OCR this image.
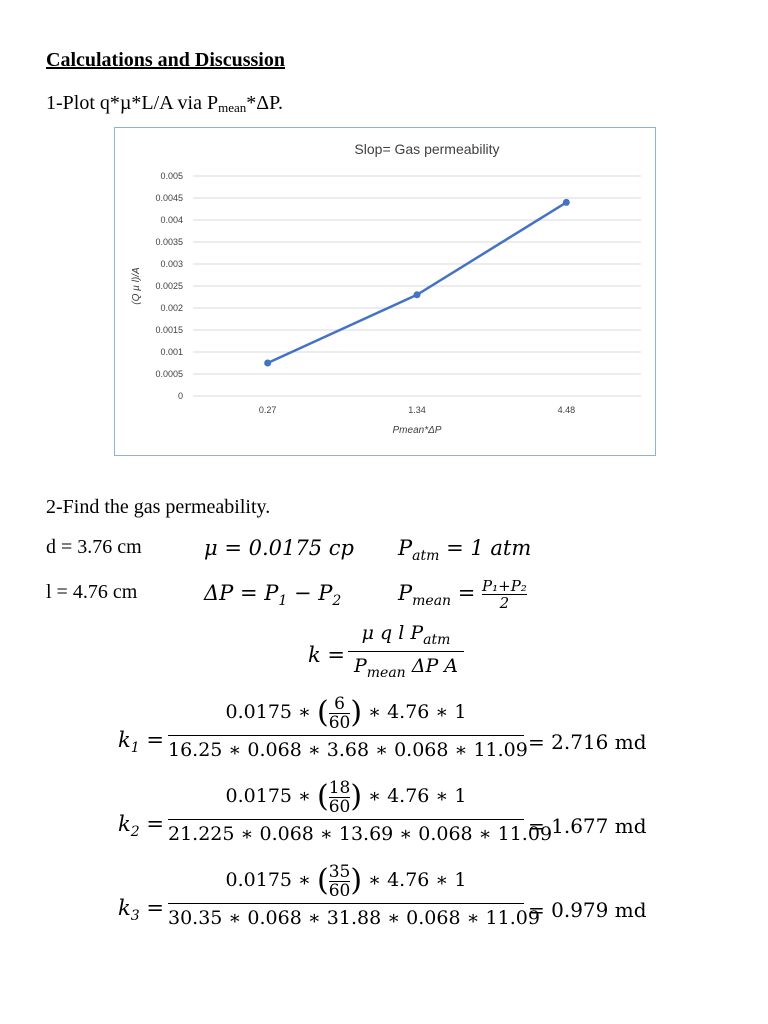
Calculations and Discussion
1-Plot q*µ*L/A via $P_{mean}*\Delta P$.
Slop= Gas permeability
0
0.0005
0.001
0.0015
0.002
0.0025
0.003
0.0035
0.004
0.0045
0.005
0.27	1.34	4.48
Pmean*ΔP
(Q µ l)/A
2-Find the gas permeability.
d = 3.76 cm	μ = 0.0175 cp $P_{atm} = 1$ atm
l = 4.76 cm	$\Delta P = P_1 - P_2$	$P_{mean} = \frac{\text{P₁+P₂}}{2}$
k =
μ q l $P_{atm}$
$P_{mean}$ ΔP A
$k_1$ =
0.0175 ∗ $(\frac{6}{60})$ ∗ 4.76 ∗ 1
16.25 ∗ 0.068 ∗ 3.68 ∗ 0.068 ∗ 11.09 = 2.716 md
$k_2$ =
0.0175 ∗ $(\frac{18}{60})$ ∗ 4.76 ∗ 1
21.225 ∗ 0.068 ∗ 13.69 ∗ 0.068 ∗ 11.09
= 1.677 md
$k_3$ =
0.0175 ∗ $(\frac{35}{60})$ ∗ 4.76 ∗ 1
30.35 ∗ 0.068 ∗ 31.88 ∗ 0.068 ∗ 11.09
= 0.979 md
